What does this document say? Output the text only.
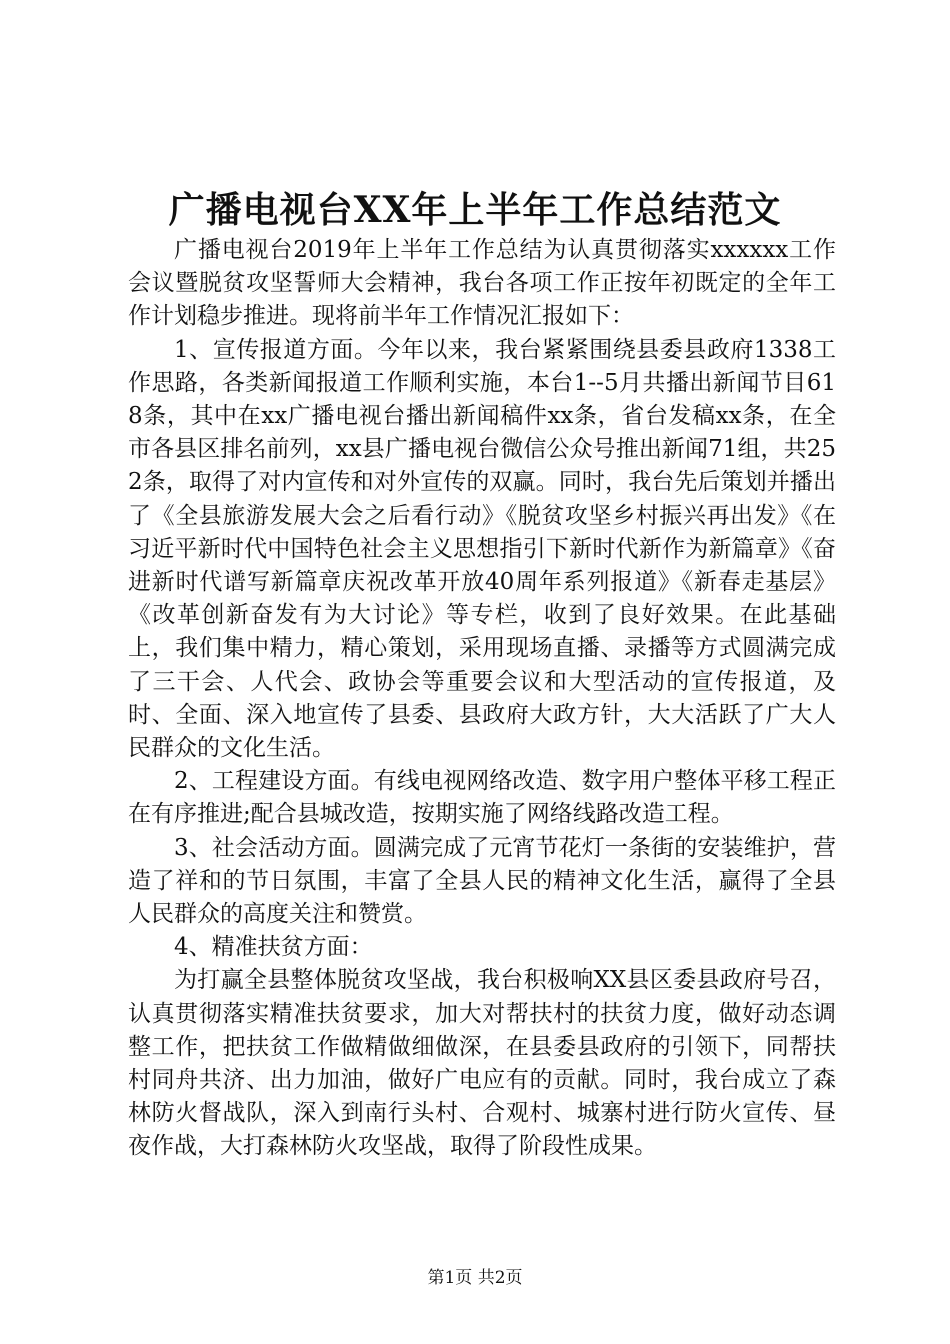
广播电视台XX年上半年工作总结范文

广播电视台2019年上半年工作总结为认真贯彻落实xxxxxx工作会议暨脱贫攻坚誓师大会精神，我台各项工作正按年初既定的全年工作计划稳步推进。现将前半年工作情况汇报如下：

1、宣传报道方面。今年以来，我台紧紧围绕县委县政府1338工作思路，各类新闻报道工作顺利实施，本台1--5月共播出新闻节目618条，其中在xx广播电视台播出新闻稿件xx条，省台发稿xx条，在全市各县区排名前列，xx县广播电视台微信公众号推出新闻71组，共252条，取得了对内宣传和对外宣传的双赢。同时，我台先后策划并播出了《全县旅游发展大会之后看行动》《脱贫攻坚乡村振兴再出发》《在习近平新时代中国特色社会主义思想指引下新时代新作为新篇章》《奋进新时代谱写新篇章庆祝改革开放40周年系列报道》《新春走基层》《改革创新奋发有为大讨论》等专栏，收到了良好效果。在此基础上，我们集中精力，精心策划，采用现场直播、录播等方式圆满完成了三干会、人代会、政协会等重要会议和大型活动的宣传报道，及时、全面、深入地宣传了县委、县政府大政方针，大大活跃了广大人民群众的文化生活。

2、工程建设方面。有线电视网络改造、数字用户整体平移工程正在有序推进;配合县城改造，按期实施了网络线路改造工程。

3、社会活动方面。圆满完成了元宵节花灯一条街的安装维护，营造了祥和的节日氛围，丰富了全县人民的精神文化生活，赢得了全县人民群众的高度关注和赞赏。

4、精准扶贫方面：

为打赢全县整体脱贫攻坚战，我台积极响XX县区委县政府号召，认真贯彻落实精准扶贫要求，加大对帮扶村的扶贫力度，做好动态调整工作，把扶贫工作做精做细做深，在县委县政府的引领下，同帮扶村同舟共济、出力加油，做好广电应有的贡献。同时，我台成立了森林防火督战队，深入到南行头村、合观村、城寨村进行防火宣传、昼夜作战，大打森林防火攻坚战，取得了阶段性成果。

第1页 共2页
